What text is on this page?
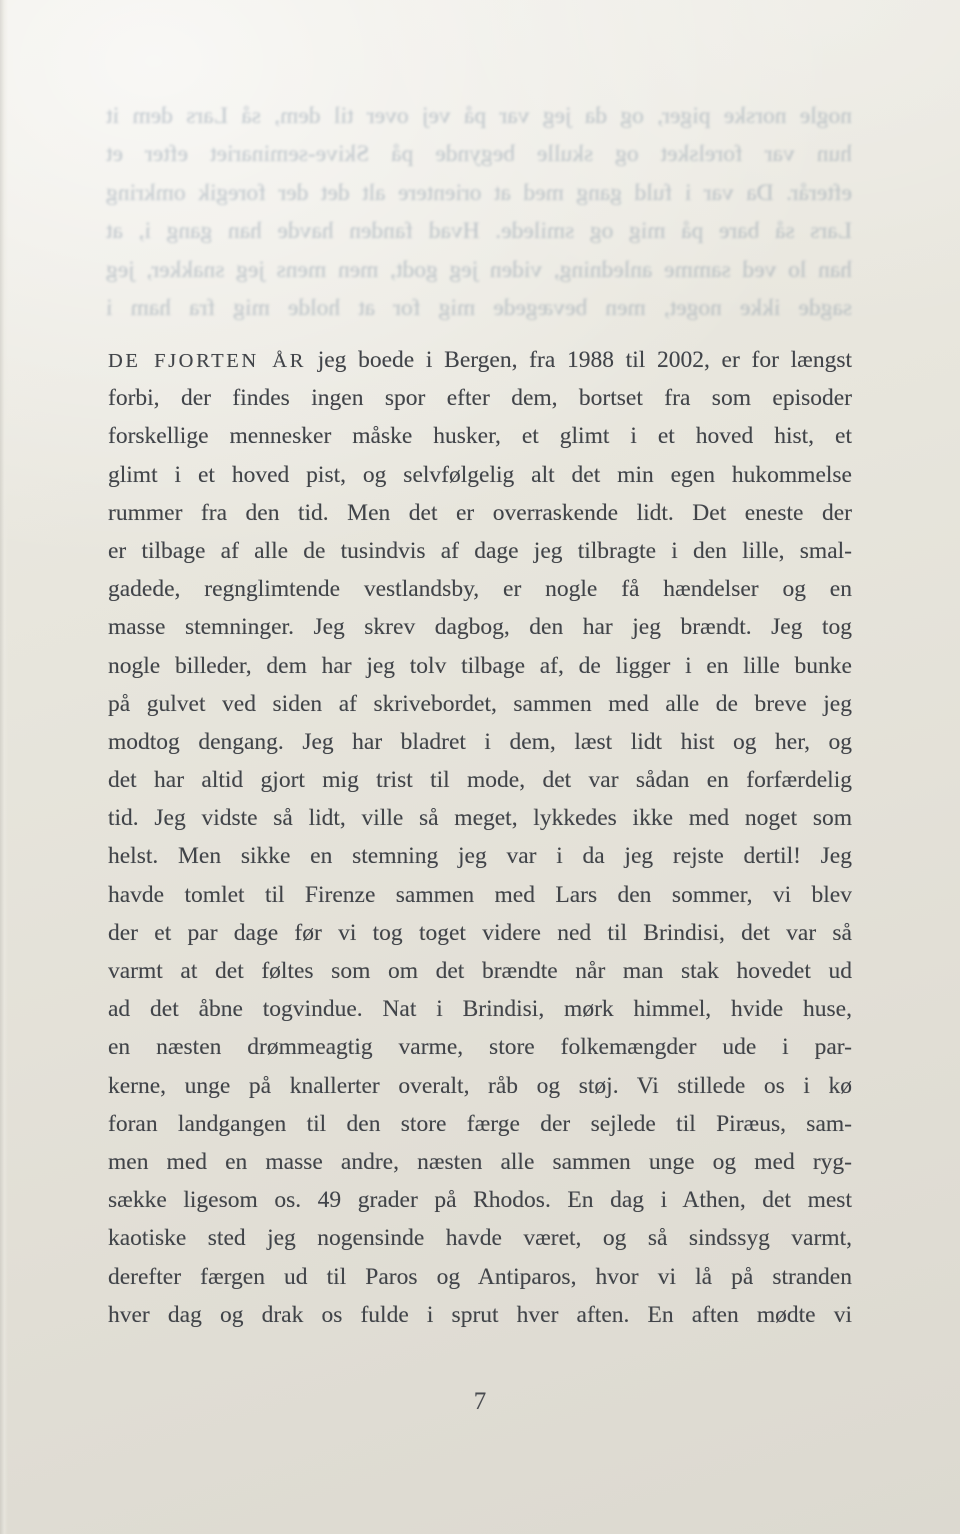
nogle norske piger, og da jeg var på vej over til dem, så Lars dem it
hun var forelsket og skulle begynde på Skive-seminariet efter et
efterår. Da var i fuld gang med at orientere alt det der foregik omkring
Lars så bare på mig og smilede. Hvad fanden havde han gang i, at
han lo ved samme anledning, viden jeg godt, men mens jeg snakker, jeg
sagde ikke noget, men bevægede mig for at holde mig fra ham i
DE FJORTEN ÅR jeg boede i Bergen, fra 1988 til 2002, er for længst
forbi, der findes ingen spor efter dem, bortset fra som episoder
forskellige mennesker måske husker, et glimt i et hoved hist, et
glimt i et hoved pist, og selvfølgelig alt det min egen hukommelse
rummer fra den tid. Men det er overraskende lidt. Det eneste der
er tilbage af alle de tusindvis af dage jeg tilbragte i den lille, smal-
gadede, regnglimtende vestlandsby, er nogle få hændelser og en
masse stemninger. Jeg skrev dagbog, den har jeg brændt. Jeg tog
nogle billeder, dem har jeg tolv tilbage af, de ligger i en lille bunke
på gulvet ved siden af skrivebordet, sammen med alle de breve jeg
modtog dengang. Jeg har bladret i dem, læst lidt hist og her, og
det har altid gjort mig trist til mode, det var sådan en forfærdelig
tid. Jeg vidste så lidt, ville så meget, lykkedes ikke med noget som
helst. Men sikke en stemning jeg var i da jeg rejste dertil! Jeg
havde tomlet til Firenze sammen med Lars den sommer, vi blev
der et par dage før vi tog toget videre ned til Brindisi, det var så
varmt at det føltes som om det brændte når man stak hovedet ud
ad det åbne togvindue. Nat i Brindisi, mørk himmel, hvide huse,
en næsten drømmeagtig varme, store folkemængder ude i par-
kerne, unge på knallerter overalt, råb og støj. Vi stillede os i kø
foran landgangen til den store færge der sejlede til Piræus, sam-
men med en masse andre, næsten alle sammen unge og med ryg-
sække ligesom os. 49 grader på Rhodos. En dag i Athen, det mest
kaotiske sted jeg nogensinde havde været, og så sindssyg varmt,
derefter færgen ud til Paros og Antiparos, hvor vi lå på stranden
hver dag og drak os fulde i sprut hver aften. En aften mødte vi
7
